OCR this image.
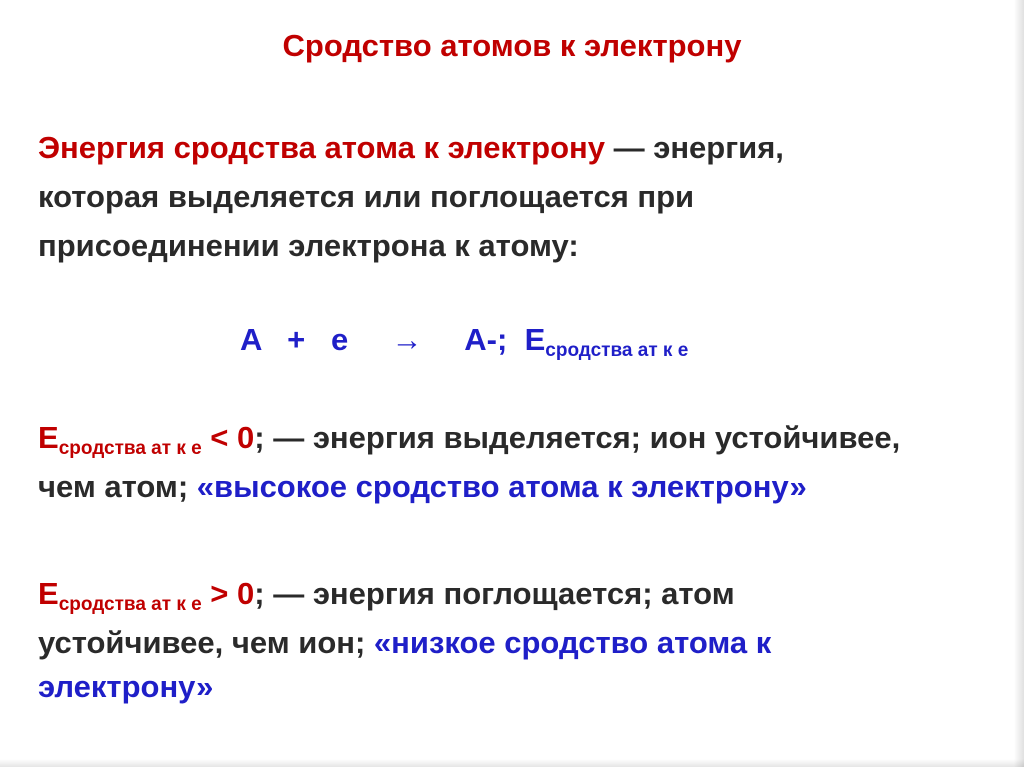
Сродство атомов к электрону
Энергия сродства атома к электрону — энергия,
которая выделяется или поглощается при
присоединении электрона к атому:
A + e → A-; Eсродства ат к е
Eсродства ат к е < 0; — энергия выделяется; ион устойчивее,
чем атом; «высокое сродство атома к электрону»
Eсродства ат к е > 0; — энергия поглощается; атом
устойчивее, чем ион; «низкое сродство атома к
электрону»
